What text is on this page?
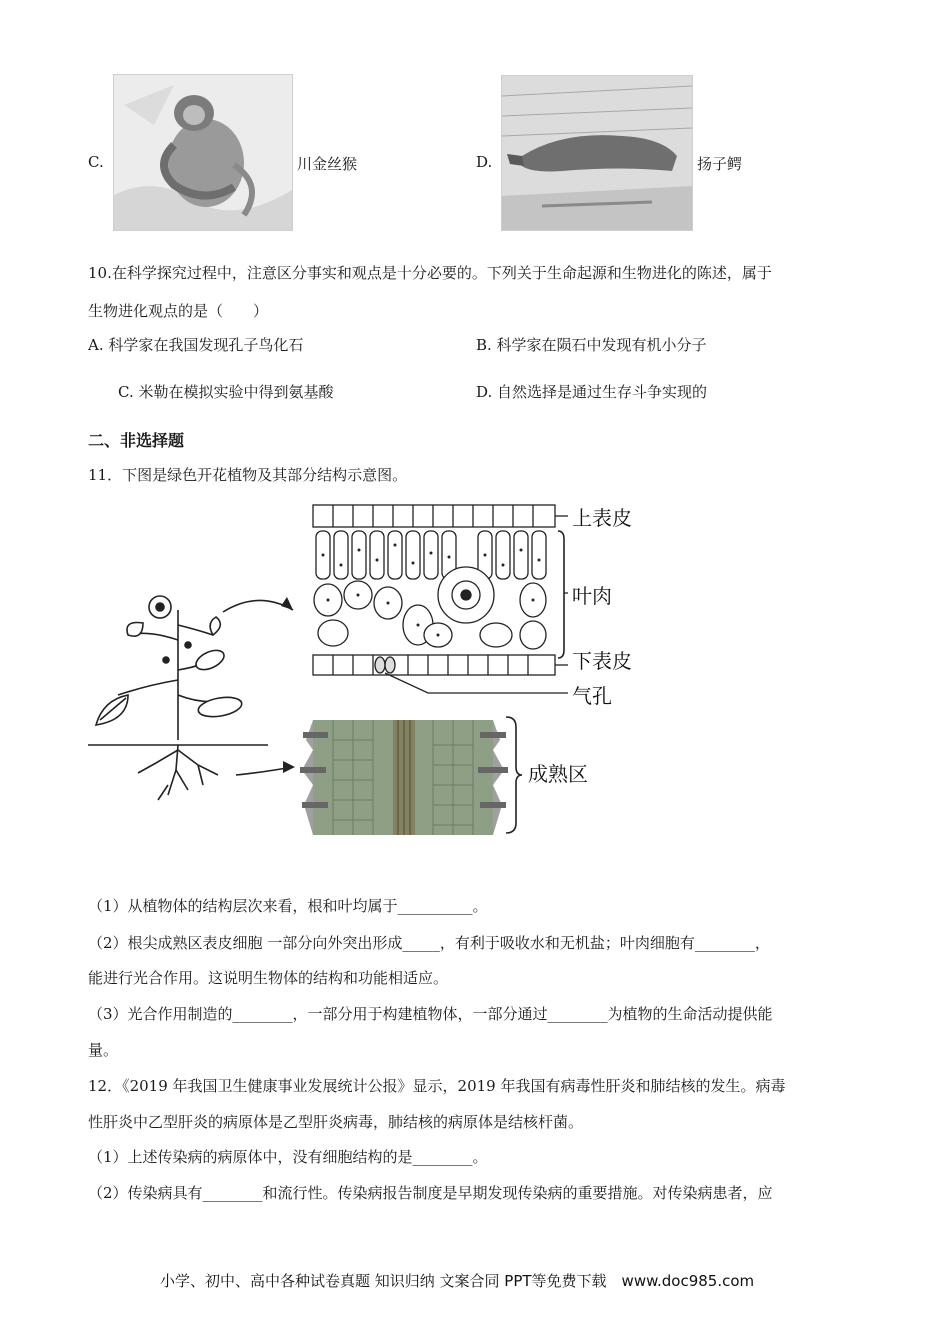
C.	川金丝猴	D.	扬子鳄
10.在科学探究过程中，注意区分事实和观点是十分必要的。下列关于生命起源和生物进化的陈述，属于
生物进化观点的是（　　）
A. 科学家在我国发现孔子鸟化石	B. 科学家在陨石中发现有机小分子
C. 米勒在模拟实验中得到氨基酸	D. 自然选择是通过生存斗争实现的
二、非选择题
11．下图是绿色开花植物及其部分结构示意图。
上表皮
叶肉
下表皮
气孔
成熟区
（1）从植物体的结构层次来看，根和叶均属于__________。
（2）根尖成熟区表皮细胞 一部分向外突出形成_____，有利于吸收水和无机盐；叶肉细胞有________，
能进行光合作用。这说明生物体的结构和功能相适应。
（3）光合作用制造的________，一部分用于构建植物体，一部分通过________为植物的生命活动提供能
量。
12．《2019 年我国卫生健康事业发展统计公报》显示，2019 年我国有病毒性肝炎和肺结核的发生。病毒
性肝炎中乙型肝炎的病原体是乙型肝炎病毒，肺结核的病原体是结核杆菌。
（1）上述传染病的病原体中，没有细胞结构的是________。
（2）传染病具有________和流行性。传染病报告制度是早期发现传染病的重要措施。对传染病患者，应
小学、初中、高中各种试卷真题 知识归纳 文案合同 PPT等免费下载　www.doc985.com
